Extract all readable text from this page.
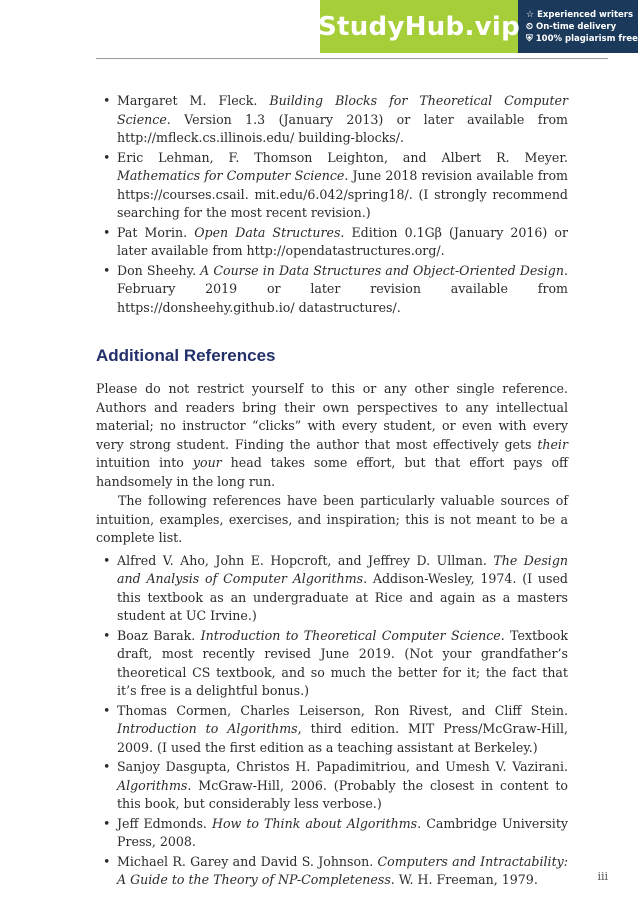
StudyHub.vip ☆ Experienced writers
⏲ On-time delivery
⛨ 100% plagiarism free
• Margaret M. Fleck. Building Blocks for Theoretical Computer Science. Version 1.3 (January 2013) or later available from http://mfleck.cs.illinois.edu/ building-blocks/.
• Eric Lehman, F. Thomson Leighton, and Albert R. Meyer. Mathematics for Computer Science. June 2018 revision available from https://courses.csail. mit.edu/6.042/spring18/. (I strongly recommend searching for the most recent revision.)
• Pat Morin. Open Data Structures. Edition 0.1Gβ (January 2016) or later available from http://opendatastructures.org/.
• Don Sheehy. A Course in Data Structures and Object-Oriented Design. February 2019 or later revision available from https://donsheehy.github.io/ datastructures/.
Additional References

Please do not restrict yourself to this or any other single reference. Authors and readers bring their own perspectives to any intellectual material; no instructor “clicks” with every student, or even with every very strong student. Finding the author that most effectively gets their intuition into your head takes some effort, but that effort pays off handsomely in the long run.

The following references have been particularly valuable sources of intuition, examples, exercises, and inspiration; this is not meant to be a complete list.

• Alfred V. Aho, John E. Hopcroft, and Jeffrey D. Ullman. The Design and Analysis of Computer Algorithms. Addison-Wesley, 1974. (I used this textbook as an undergraduate at Rice and again as a masters student at UC Irvine.)
• Boaz Barak. Introduction to Theoretical Computer Science. Textbook draft, most recently revised June 2019. (Not your grandfather’s theoretical CS textbook, and so much the better for it; the fact that it’s free is a delightful bonus.)
• Thomas Cormen, Charles Leiserson, Ron Rivest, and Cliff Stein. Introduction to Algorithms, third edition. MIT Press/McGraw-Hill, 2009. (I used the first edition as a teaching assistant at Berkeley.)
• Sanjoy Dasgupta, Christos H. Papadimitriou, and Umesh V. Vazirani. Algorithms. McGraw-Hill, 2006. (Probably the closest in content to this book, but considerably less verbose.)
• Jeff Edmonds. How to Think about Algorithms. Cambridge University Press, 2008.
• Michael R. Garey and David S. Johnson. Computers and Intractability: A Guide to the Theory of NP-Completeness. W. H. Freeman, 1979.	iii
